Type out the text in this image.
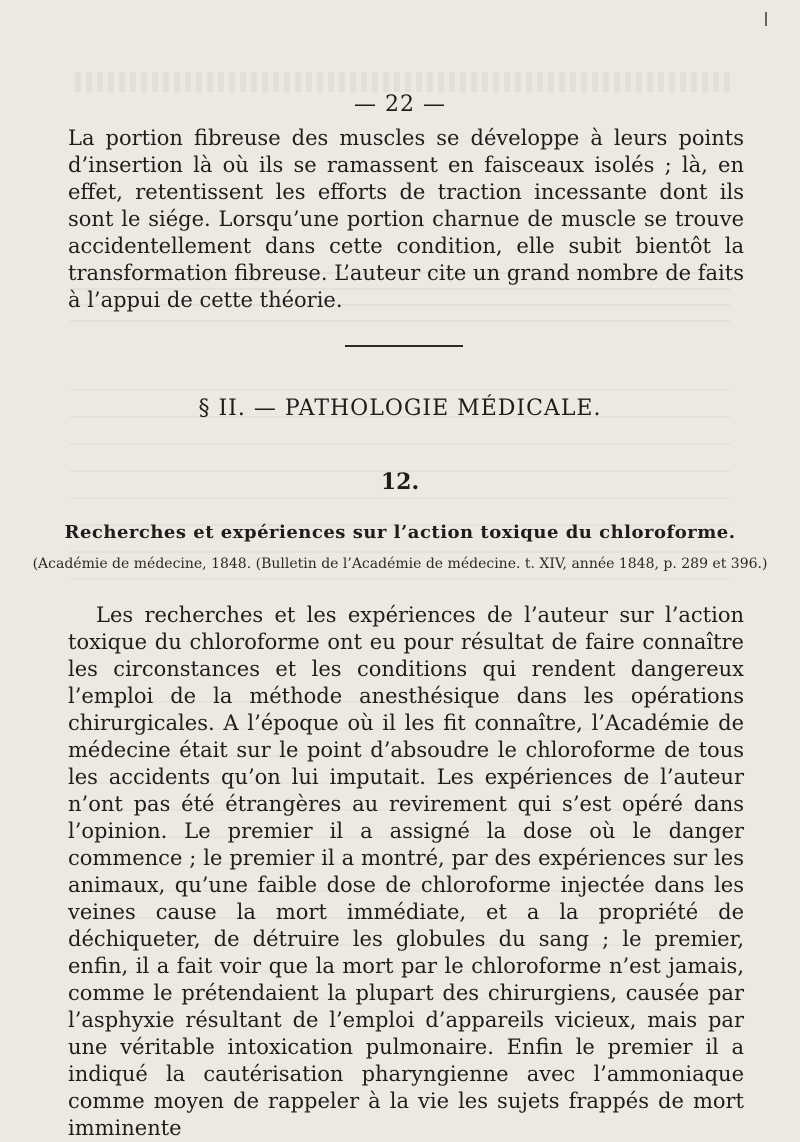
— 22 —

La portion fibreuse des muscles se développe à leurs points d’insertion là où ils se ramassent en faisceaux isolés ; là, en effet, retentissent les efforts de traction incessante dont ils sont le siége. Lorsqu’une portion charnue de muscle se trouve accidentellement dans cette condition, elle subit bientôt la transformation fibreuse. L’auteur cite un grand nombre de faits à l’appui de cette théorie.

§ II. — PATHOLOGIE MÉDICALE.
12.
Recherches et expériences sur l’action toxique du chloroforme.
(Académie de médecine, 1848. (Bulletin de l’Académie de médecine. t. XIV, année 1848, p. 289 et 396.)

Les recherches et les expériences de l’auteur sur l’action toxique du chloroforme ont eu pour résultat de faire connaître les circonstances et les conditions qui rendent dangereux l’emploi de la méthode anesthésique dans les opérations chirurgicales. A l’époque où il les fit connaître, l’Académie de médecine était sur le point d’absoudre le chloroforme de tous les accidents qu’on lui imputait. Les expériences de l’auteur n’ont pas été étrangères au revirement qui s’est opéré dans l’opinion. Le premier il a assigné la dose où le danger commence ; le premier il a montré, par des expériences sur les animaux, qu’une faible dose de chloroforme injectée dans les veines cause la mort immédiate, et a la propriété de déchiqueter, de détruire les globules du sang ; le premier, enfin, il a fait voir que la mort par le chloroforme n’est jamais, comme le prétendaient la plupart des chirurgiens, causée par l’asphyxie résultant de l’emploi d’appareils vicieux, mais par une véritable intoxication pulmonaire. Enfin le premier il a indiqué la cautérisation pharyngienne avec l’ammoniaque comme moyen de rappeler à la vie les sujets frappés de mort imminente
